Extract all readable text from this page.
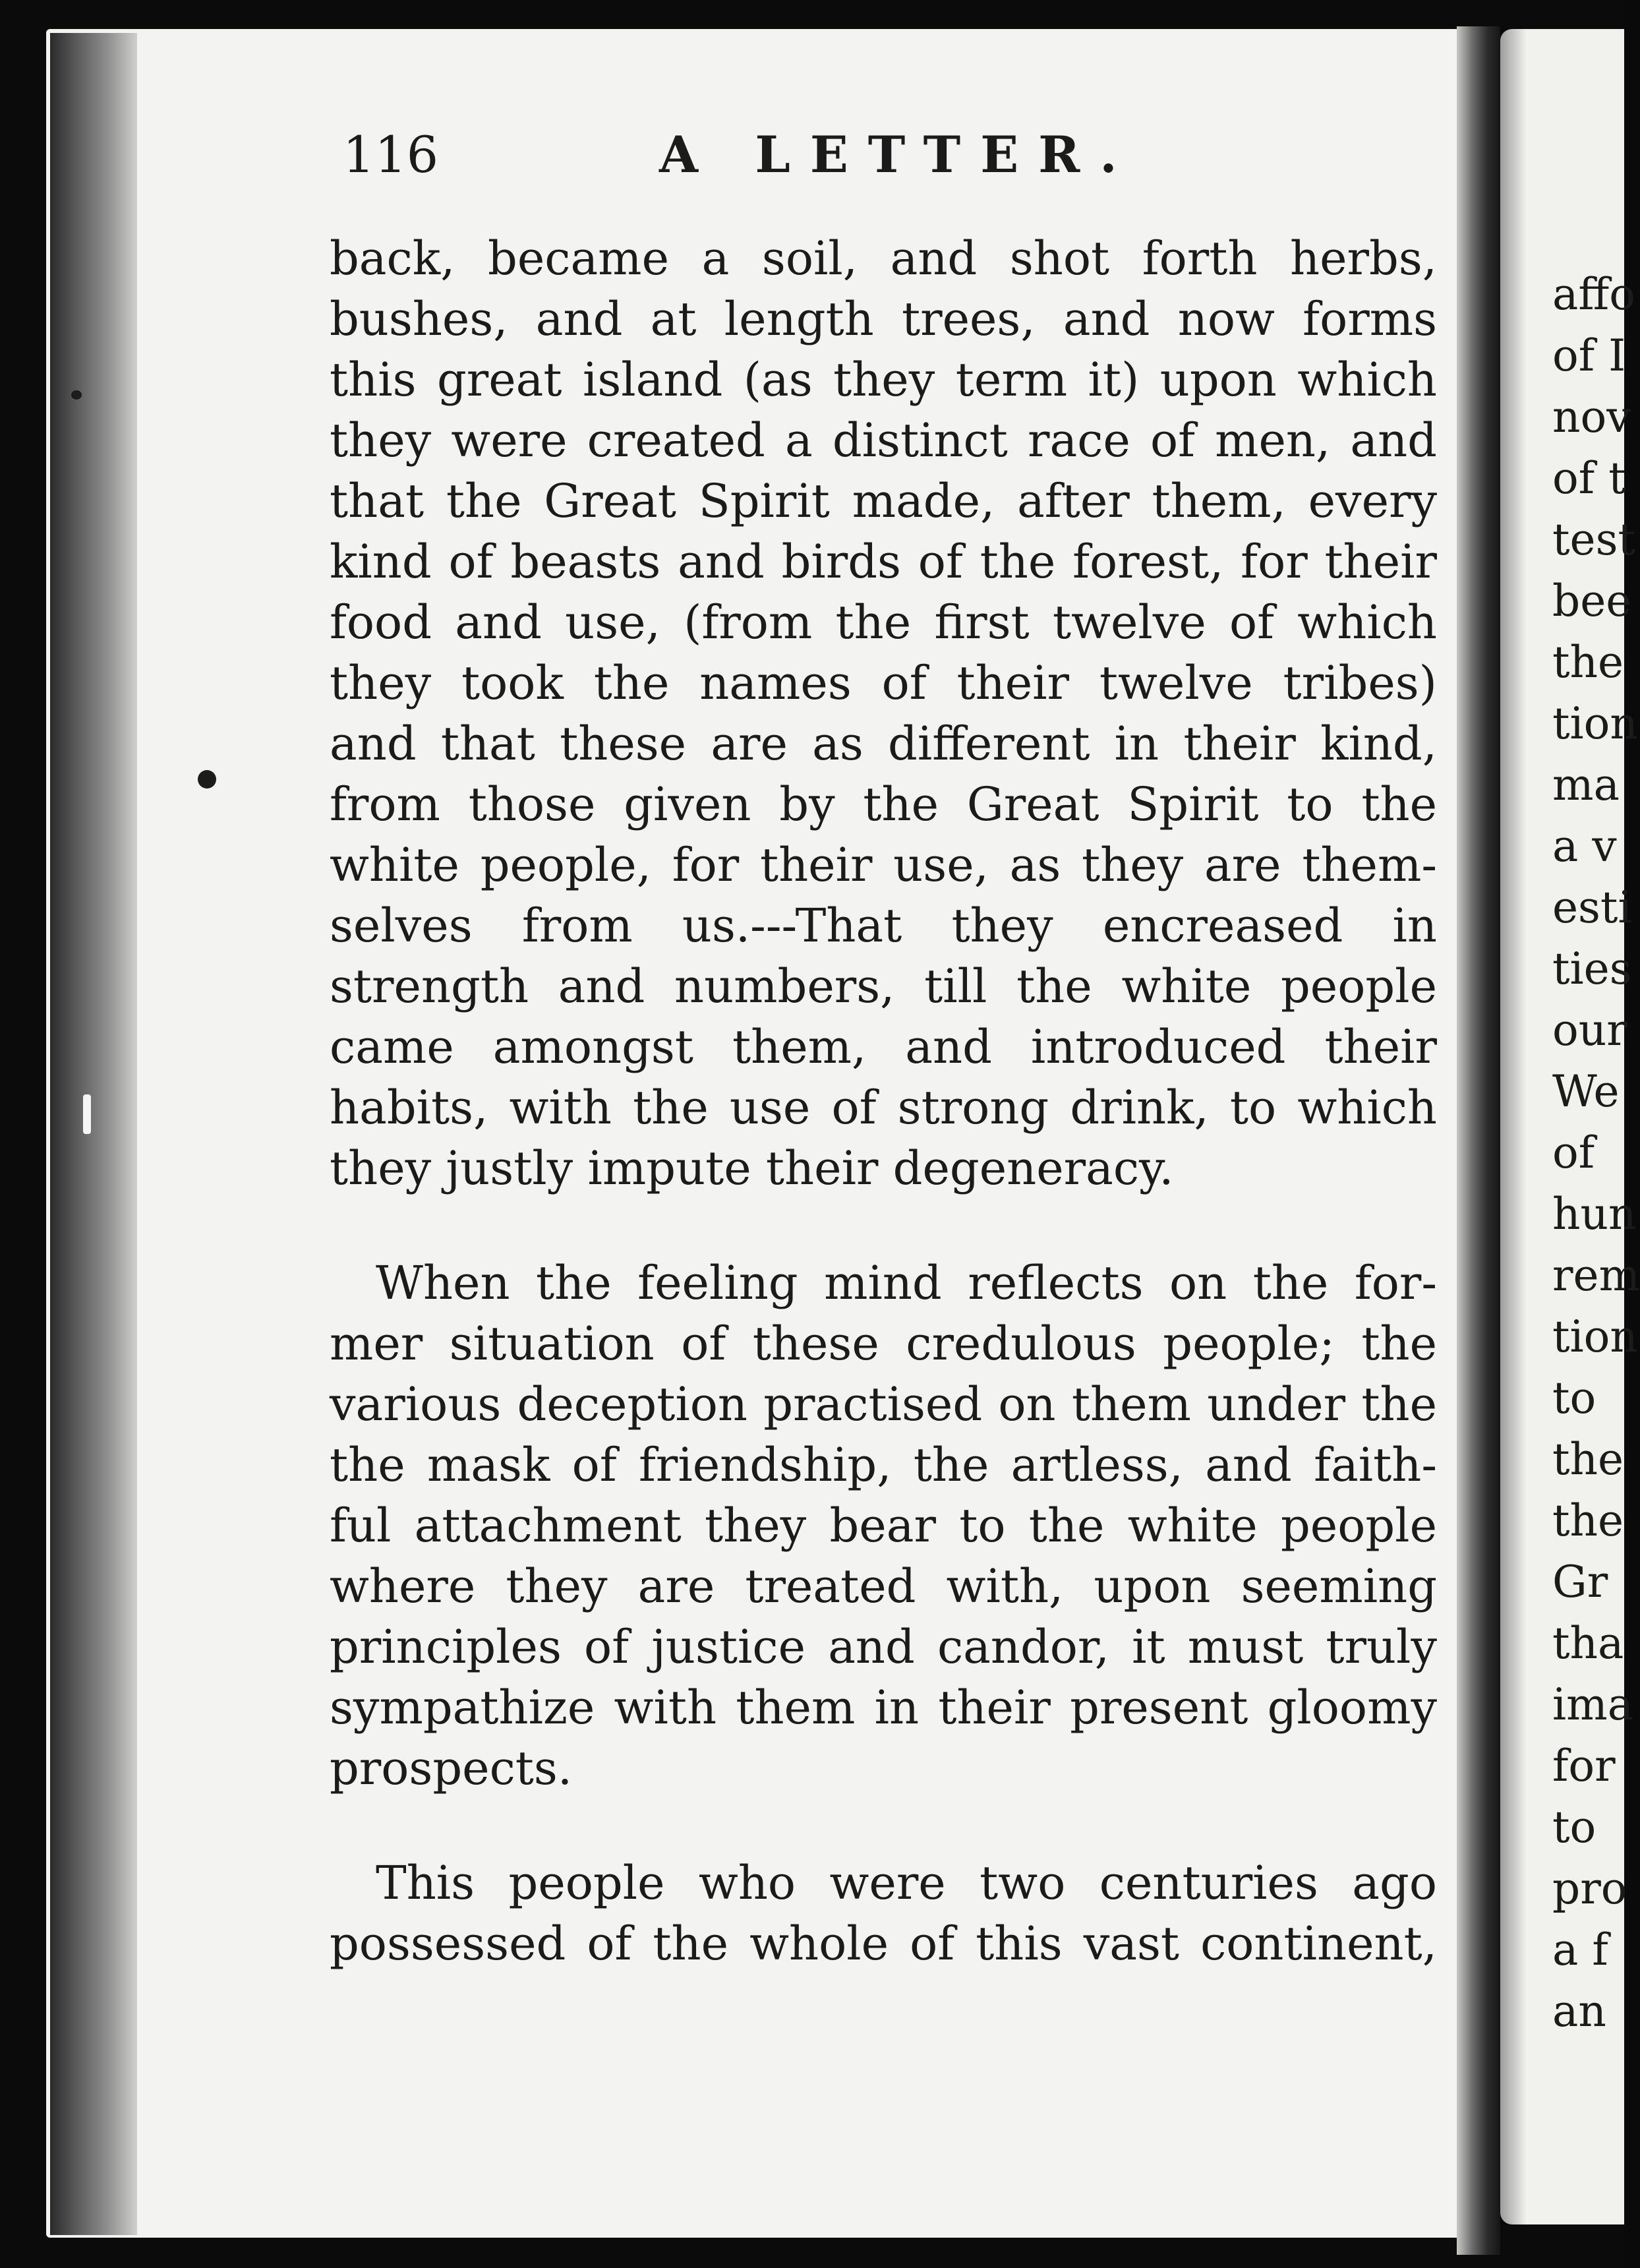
116	A LETTER.
back, became a soil, and shot forth herbs,
bushes, and at length trees, and now forms
this great island (as they term it) upon which
they were created a distinct race of men, and
that the Great Spirit made, after them, every
kind of beasts and birds of the forest, for their
food and use, (from the first twelve of which
they took the names of their twelve tribes)
and that these are as different in their kind,
from those given by the Great Spirit to the
white people, for their use, as they are them-
selves from us.---That they encreased in
strength and numbers, till the white people
came amongst them, and introduced their
habits, with the use of strong drink, to which
they justly impute their degeneracy.
When the feeling mind reflects on the for-
mer situation of these credulous people; the
various deception practised on them under the
the mask of friendship, the artless, and faith-
ful attachment they bear to the white people
where they are treated with, upon seeming
principles of justice and candor, it must truly
sympathize with them in their present gloomy
prospects.
This people who were two centuries ago
possessed of the whole of this vast continent,
affo
of I
nov
of t
test
bee
the
tion
ma
a v
esti
ties
our
We
of
hun
rem
tion
to
the
the
Gr
tha
ima
for
to
pro
a f
an
